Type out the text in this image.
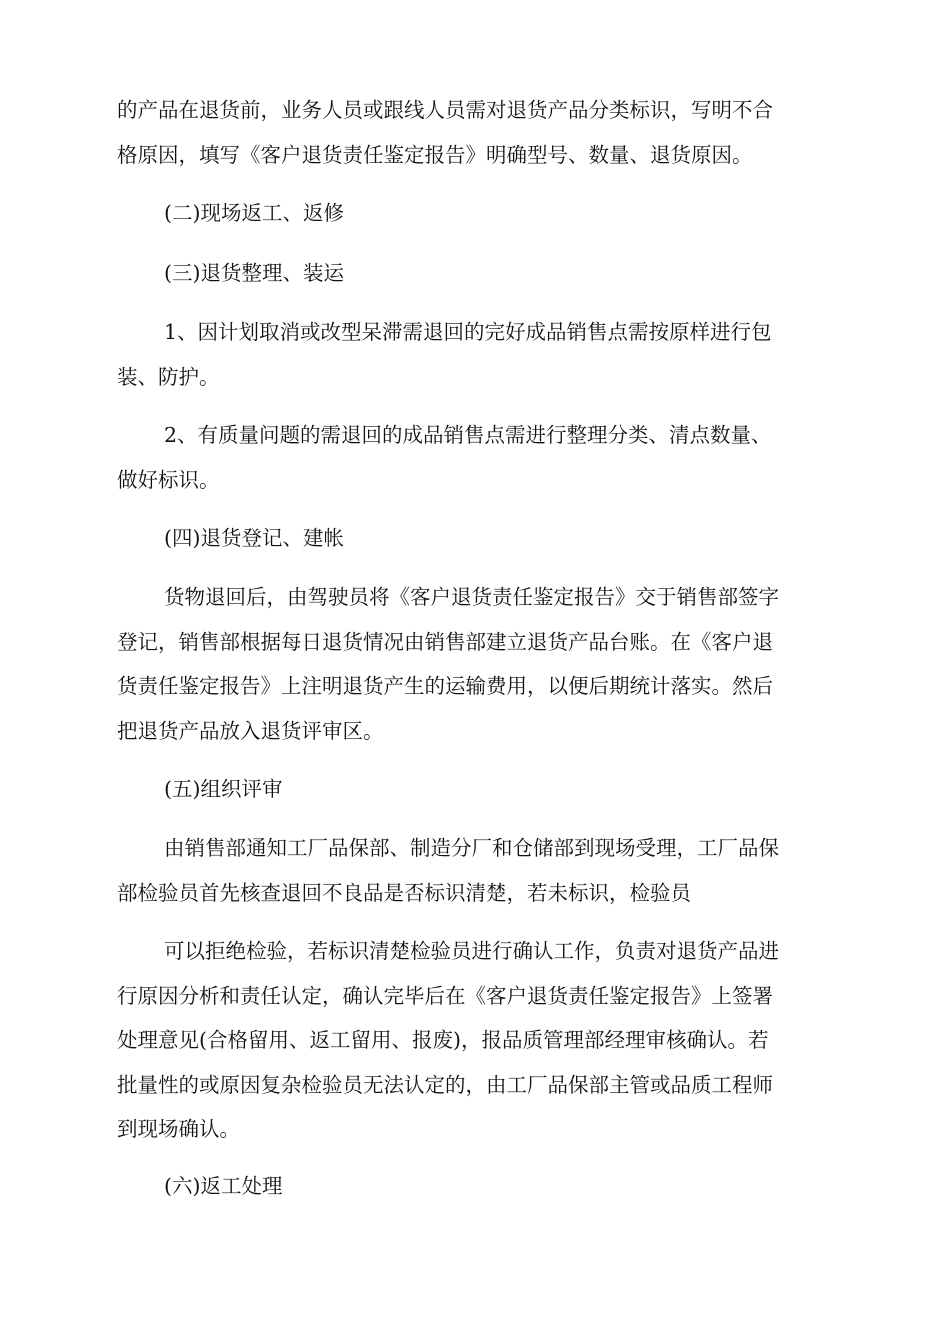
的产品在退货前，业务人员或跟线人员需对退货产品分类标识，写明不合
格原因，填写《客户退货责任鉴定报告》明确型号、数量、退货原因。
(二)现场返工、返修
(三)退货整理、装运
1、因计划取消或改型呆滞需退回的完好成品销售点需按原样进行包
装、防护。
2、有质量问题的需退回的成品销售点需进行整理分类、清点数量、
做好标识。
(四)退货登记、建帐
货物退回后，由驾驶员将《客户退货责任鉴定报告》交于销售部签字
登记，销售部根据每日退货情况由销售部建立退货产品台账。在《客户退
货责任鉴定报告》上注明退货产生的运输费用，以便后期统计落实。然后
把退货产品放入退货评审区。
(五)组织评审
由销售部通知工厂品保部、制造分厂和仓储部到现场受理，工厂品保
部检验员首先核查退回不良品是否标识清楚，若未标识，检验员
可以拒绝检验，若标识清楚检验员进行确认工作，负责对退货产品进
行原因分析和责任认定，确认完毕后在《客户退货责任鉴定报告》上签署
处理意见(合格留用、返工留用、报废)，报品质管理部经理审核确认。若
批量性的或原因复杂检验员无法认定的，由工厂品保部主管或品质工程师
到现场确认。
(六)返工处理
